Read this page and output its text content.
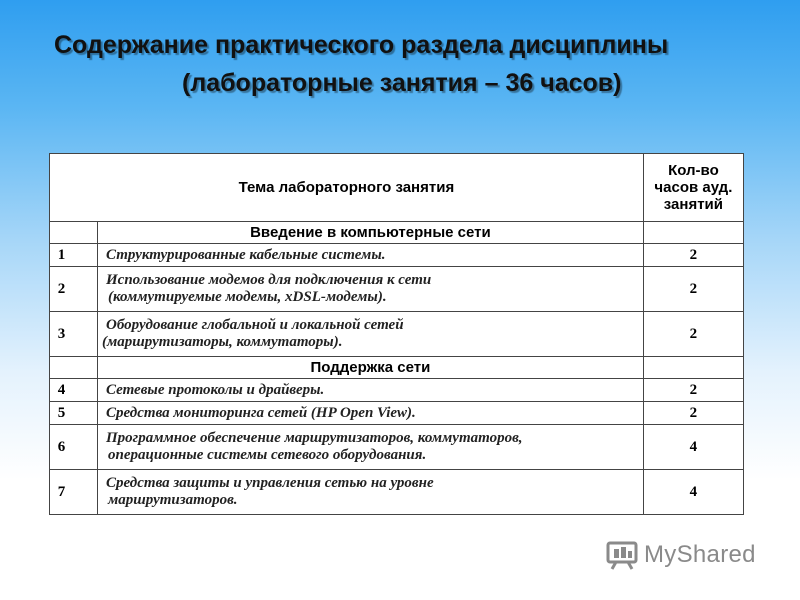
Содержание практического раздела дисциплины
(лабораторные занятия – 36 часов)
Тема лабораторного занятия		Кол-во
часов ауд.
занятий

	Введение в компьютерные сети	
1	Структурированные кабельные системы.	2
2	Использование модемов для подключения к сети
(коммутируемые модемы, xDSL-модемы).	2
3	Оборудование глобальной и локальной сетей
(маршрутизаторы, коммутаторы).	2
	Поддержка сети	
4	Сетевые протоколы и драйверы.	2
5	Средства мониторинга сетей (HP Open View).	2
6	Программное обеспечение маршрутизаторов, коммутаторов,
операционные системы сетевого оборудования.	4
7	Средства защиты и управления сетью на уровне
маршрутизаторов.	4
MyShared
